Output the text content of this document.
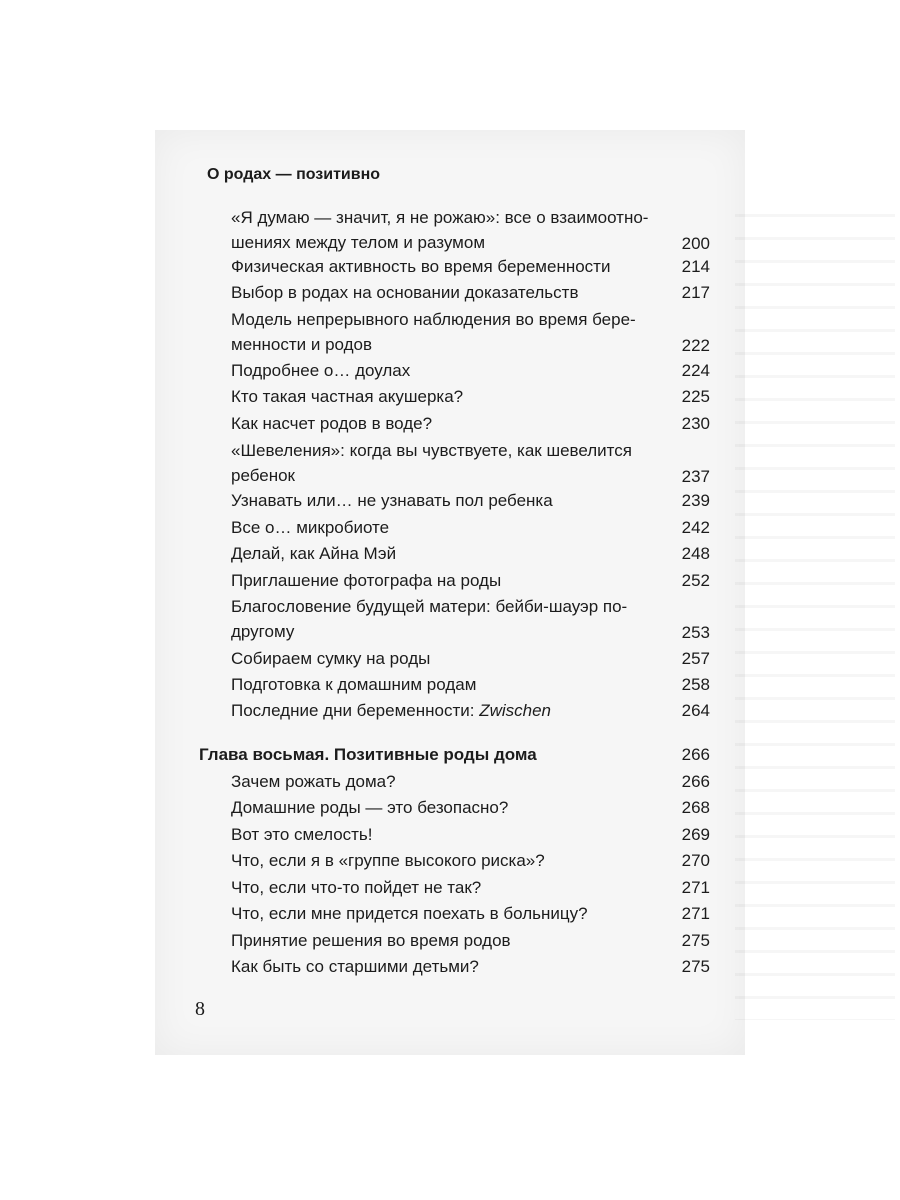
О родах — позитивно
«Я думаю — значит, я не рожаю»: все о взаимоотно-
шениях между телом и разумом	200
Физическая активность во время беременности	214
Выбор в родах на основании доказательств	217
Модель непрерывного наблюдения во время бере-
менности и родов	222
Подробнее о… доулах	224
Кто такая частная акушерка?	225
Как насчет родов в воде?	230
«Шевеления»: когда вы чувствуете, как шевелится
ребенок	237
Узнавать или… не узнавать пол ребенка	239
Все о… микробиоте	242
Делай, как Айна Мэй	248
Приглашение фотографа на роды	252
Благословение будущей матери: бейби-шауэр по-
другому	253
Собираем сумку на роды	257
Подготовка к домашним родам	258
Последние дни беременности: Zwischen	264
Глава восьмая. Позитивные роды дома	266
Зачем рожать дома?	266
Домашние роды — это безопасно?	268
Вот это смелость!	269
Что, если я в «группе высокого риска»?	270
Что, если что-то пойдет не так?	271
Что, если мне придется поехать в больницу?	271
Принятие решения во время родов	275
Как быть со старшими детьми?	275
8
